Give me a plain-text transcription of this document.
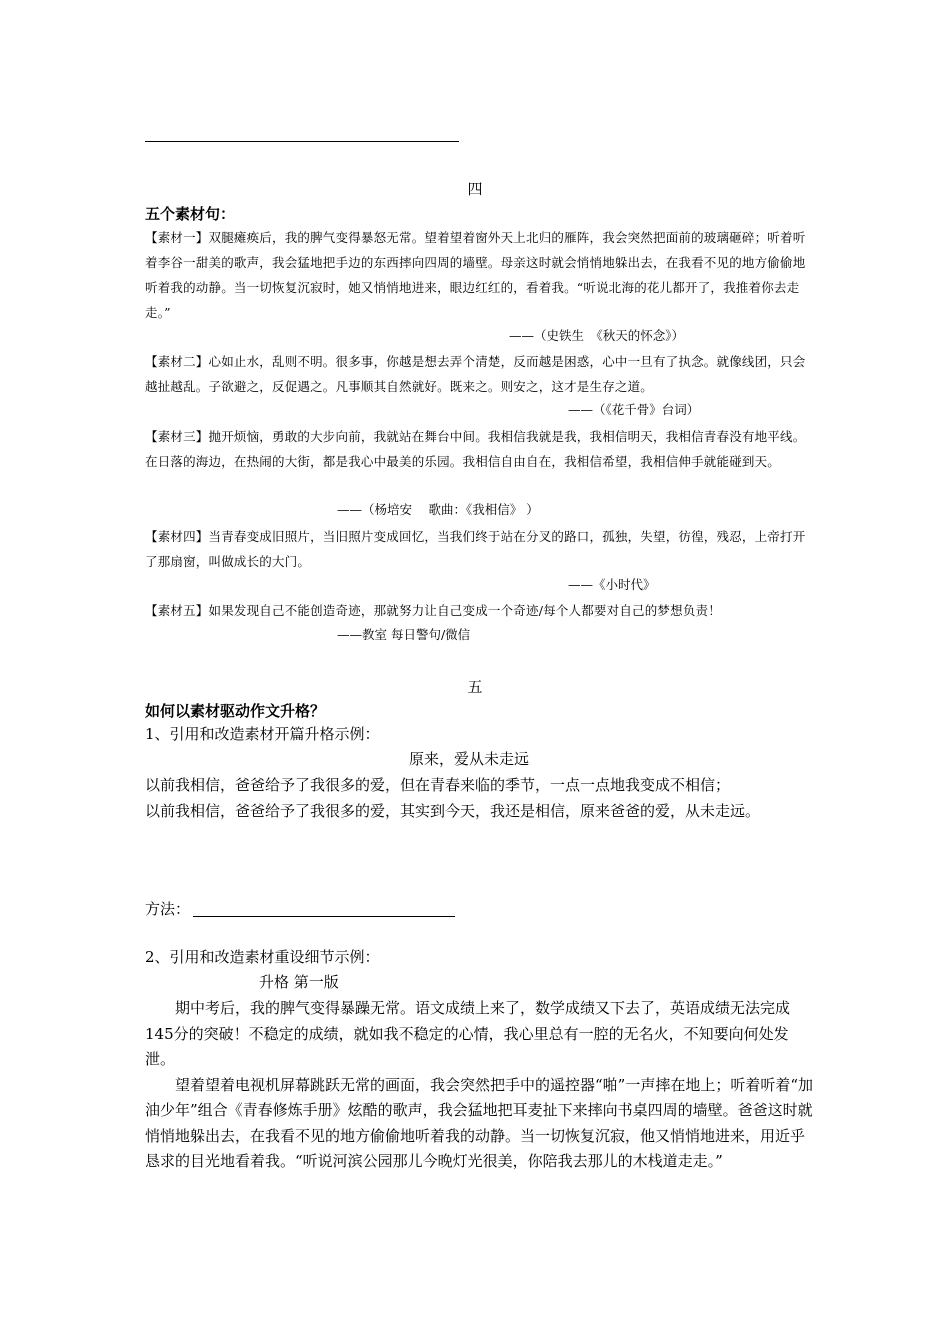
四
五个素材句：

【素材一】双腿瘫痪后，我的脾气变得暴怒无常。望着望着窗外天上北归的雁阵，我会突然把面前的玻璃砸碎；听着听着李谷一甜美的歌声，我会猛地把手边的东西摔向四周的墙壁。母亲这时就会悄悄地躲出去，在我看不见的地方偷偷地听着我的动静。当一切恢复沉寂时，她又悄悄地进来，眼边红红的，看着我。“听说北海的花儿都开了，我推着你去走走。”

——（史铁生　《秋天的怀念》）

【素材二】心如止水，乱则不明。很多事，你越是想去弄个清楚，反而越是困惑，心中一旦有了执念。就像线团，只会越扯越乱。子欲避之，反促遇之。凡事顺其自然就好。既来之。则安之，这才是生存之道。

——（《花千骨》台词）

【素材三】抛开烦恼，勇敢的大步向前，我就站在舞台中间。我相信我就是我，我相信明天，我相信青春没有地平线。在日落的海边，在热闹的大街，都是我心中最美的乐园。我相信自由自在，我相信希望，我相信伸手就能碰到天。

——（杨培安　 歌曲：《我相信》 ）

【素材四】当青春变成旧照片，当旧照片变成回忆，当我们终于站在分叉的路口，孤独，失望，彷徨，残忍，上帝打开了那扇窗，叫做成长的大门。

——《小时代》

【素材五】如果发现自己不能创造奇迹，那就努力让自己变成一个奇迹/每个人都要对自己的梦想负责！

——教室 每日警句/微信
五
如何以素材驱动作文升格？
1、引用和改造素材开篇升格示例：
原来，爱从未走远

以前我相信，爸爸给予了我很多的爱，但在青春来临的季节，一点一点地我变成不相信；

以前我相信，爸爸给予了我很多的爱，其实到今天，我还是相信，原来爸爸的爱，从未走远。

方法：
2、引用和改造素材重设细节示例：
升格 第一版

期中考后，我的脾气变得暴躁无常。语文成绩上来了，数学成绩又下去了，英语成绩无法完成145分的突破！不稳定的成绩，就如我不稳定的心情，我心里总有一腔的无名火，不知要向何处发泄。

望着望着电视机屏幕跳跃无常的画面，我会突然把手中的遥控器“啪”一声摔在地上；听着听着“加油少年”组合《青春修炼手册》炫酷的歌声，我会猛地把耳麦扯下来摔向书桌四周的墙壁。爸爸这时就悄悄地躲出去，在我看不见的地方偷偷地听着我的动静。当一切恢复沉寂，他又悄悄地进来，用近乎恳求的目光地看着我。“听说河滨公园那儿今晚灯光很美，你陪我去那儿的木栈道走走。”
